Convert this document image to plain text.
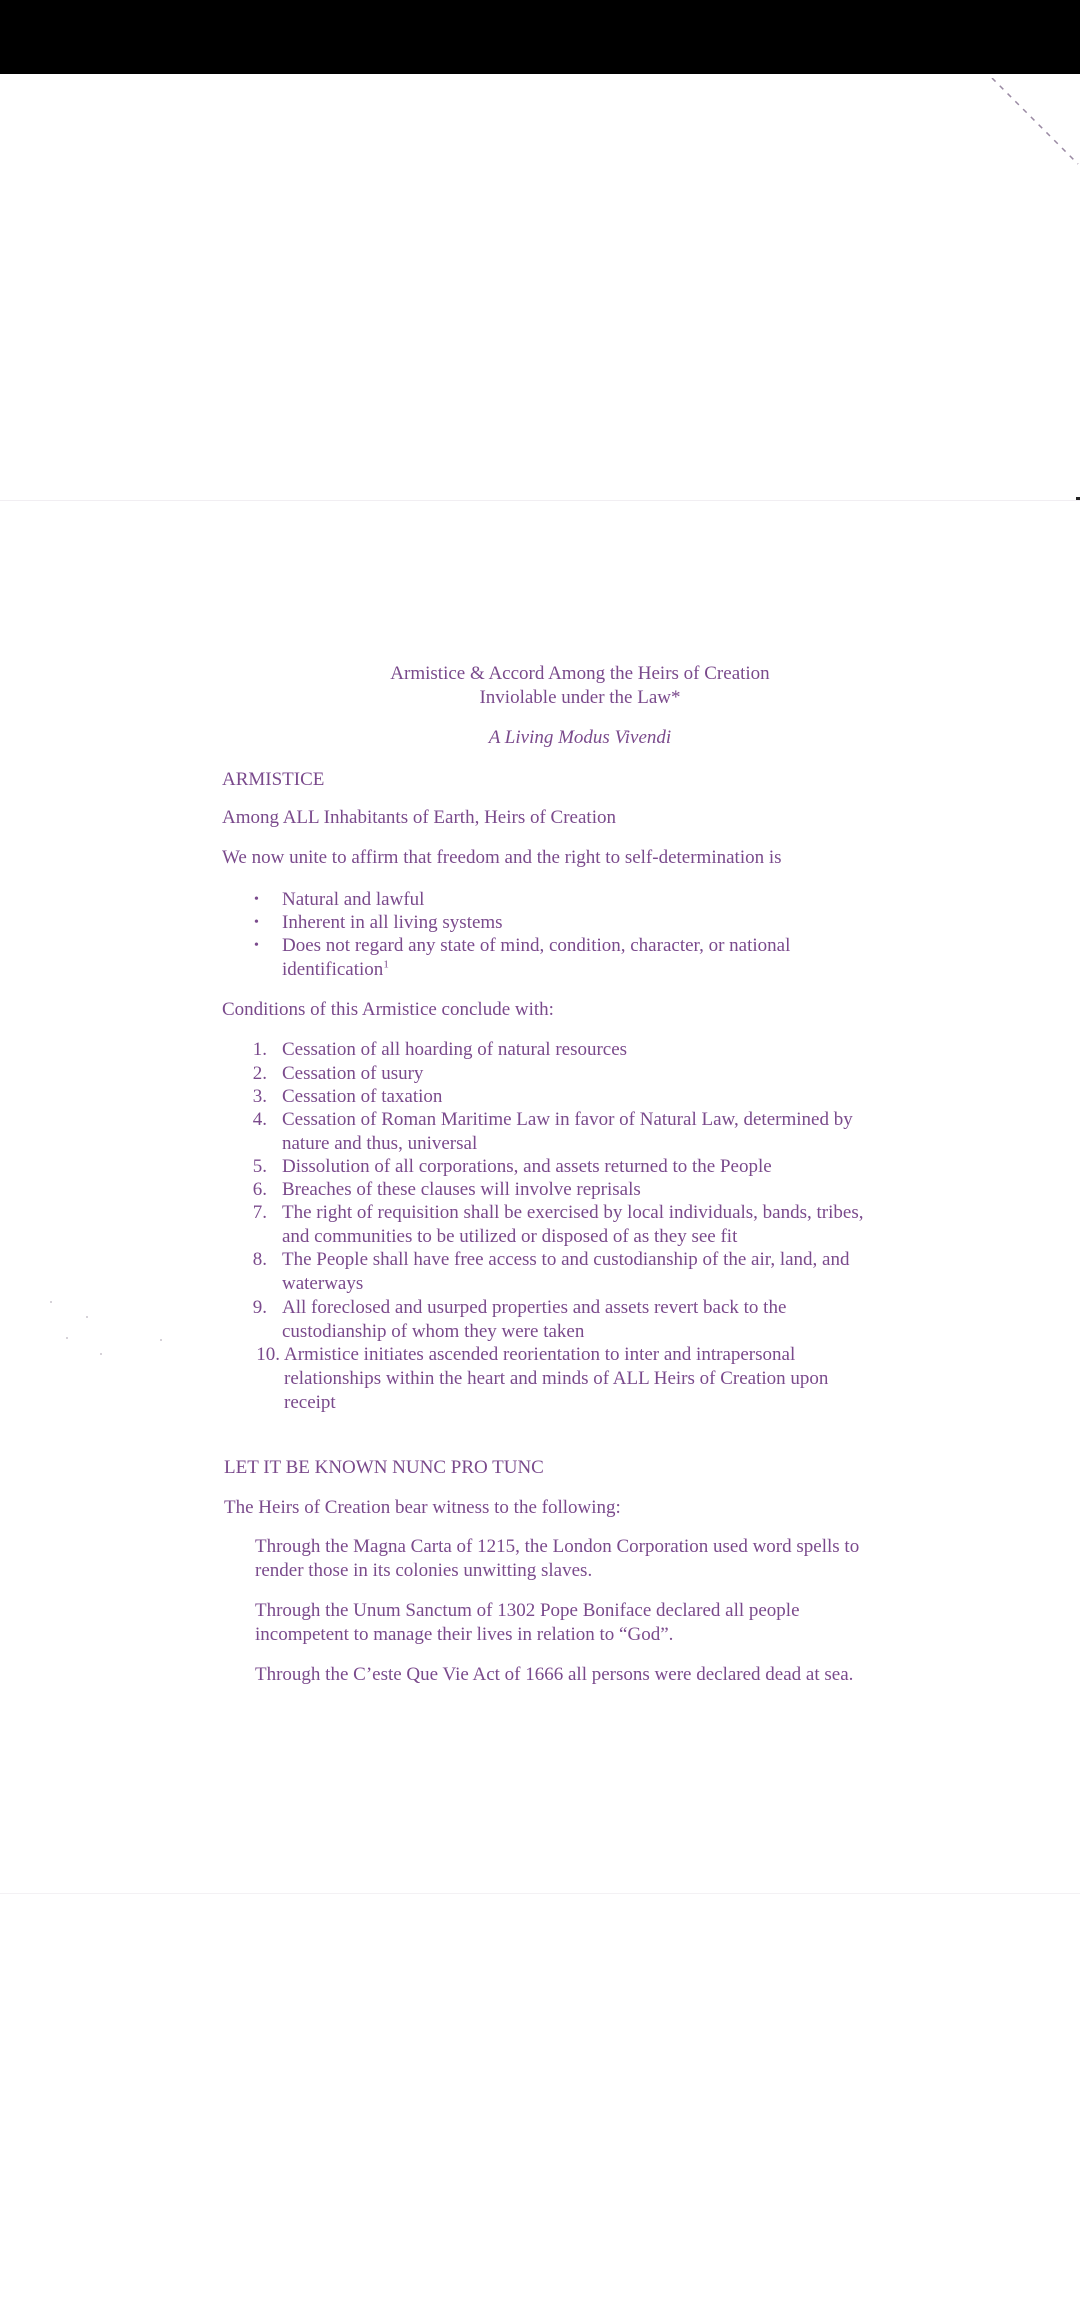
Armistice & Accord Among the Heirs of Creation

Inviolable under the Law*

A Living Modus Vivendi

ARMISTICE

Among ALL Inhabitants of Earth, Heirs of Creation

We now unite to affirm that freedom and the right to self-determination is

• Natural and lawful

• Inherent in all living systems

• Does not regard any state of mind, condition, character, or national

identification$^1$

Conditions of this Armistice conclude with:

1. Cessation of all hoarding of natural resources

2. Cessation of usury

3. Cessation of taxation

4. Cessation of Roman Maritime Law in favor of Natural Law, determined by

nature and thus, universal

5. Dissolution of all corporations, and assets returned to the People

6. Breaches of these clauses will involve reprisals

7. The right of requisition shall be exercised by local individuals, bands, tribes,

and communities to be utilized or disposed of as they see fit

8. The People shall have free access to and custodianship of the air, land, and

waterways

9. All foreclosed and usurped properties and assets revert back to the

custodianship of whom they were taken

10. Armistice initiates ascended reorientation to inter and intrapersonal

relationships within the heart and minds of ALL Heirs of Creation upon

receipt

LET IT BE KNOWN NUNC PRO TUNC

The Heirs of Creation bear witness to the following:

Through the Magna Carta of 1215, the London Corporation used word spells to

render those in its colonies unwitting slaves.

Through the Unum Sanctum of 1302 Pope Boniface declared all people

incompetent to manage their lives in relation to “God”.

Through the C’este Que Vie Act of 1666 all persons were declared dead at sea.
